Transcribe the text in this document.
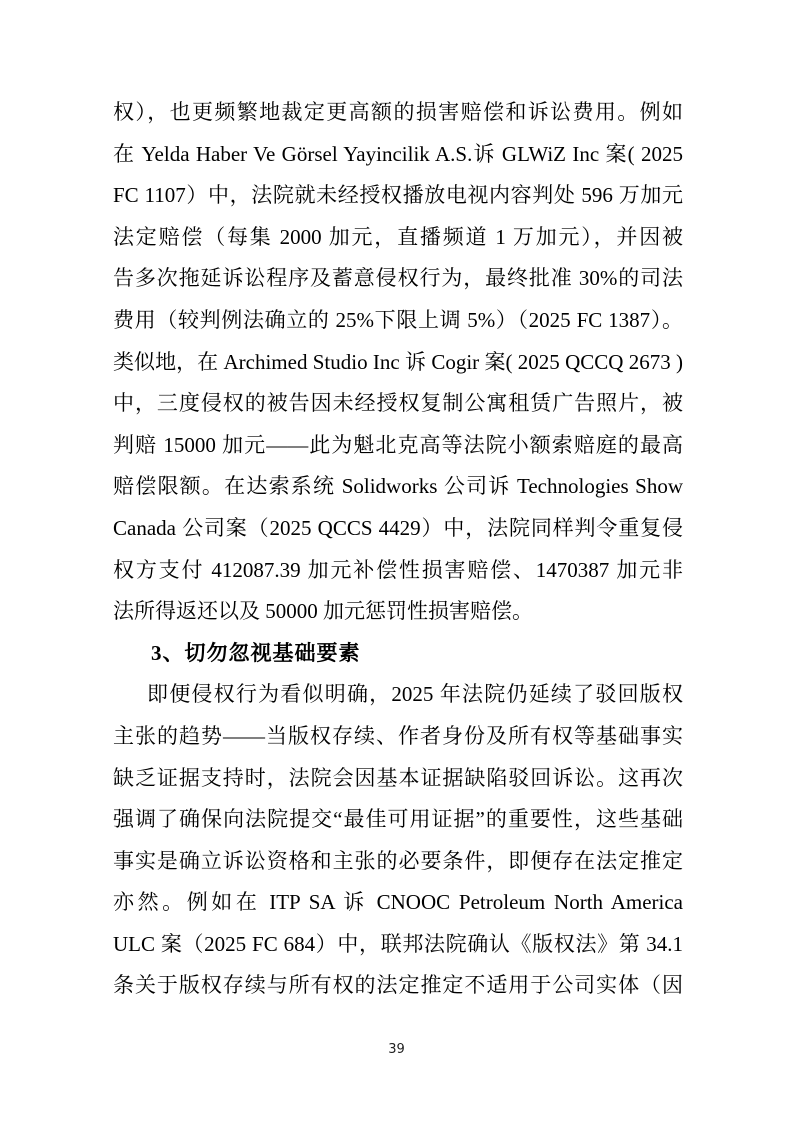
权），也更频繁地裁定更高额的损害赔偿和诉讼费用。例如
在 Yelda Haber Ve Görsel Yayincilik A.S.诉 GLWiZ Inc 案( 2025
FC 1107）中，法院就未经授权播放电视内容判处 596 万加元
法定赔偿（每集 2000 加元，直播频道 1 万加元），并因被
告多次拖延诉讼程序及蓄意侵权行为，最终批准 30%的司法
费用（较判例法确立的 25%下限上调 5%）（2025 FC 1387）。
类似地，在 Archimed Studio Inc 诉 Cogir 案( 2025 QCCQ 2673 )
中，三度侵权的被告因未经授权复制公寓租赁广告照片，被
判赔 15000 加元——此为魁北克高等法院小额索赔庭的最高
赔偿限额。在达索系统 Solidworks 公司诉 Technologies Show
Canada 公司案（2025 QCCS 4429）中，法院同样判令重复侵
权方支付 412087.39 加元补偿性损害赔偿、1470387 加元非
法所得返还以及 50000 加元惩罚性损害赔偿。
3、切勿忽视基础要素
即便侵权行为看似明确，2025 年法院仍延续了驳回版权
主张的趋势——当版权存续、作者身份及所有权等基础事实
缺乏证据支持时，法院会因基本证据缺陷驳回诉讼。这再次
强调了确保向法院提交“最佳可用证据”的重要性，这些基础
事实是确立诉讼资格和主张的必要条件，即便存在法定推定
亦然。例如在 ITP SA 诉 CNOOC Petroleum North America
ULC 案（2025 FC 684）中，联邦法院确认《版权法》第 34.1
条关于版权存续与所有权的法定推定不适用于公司实体（因
39
